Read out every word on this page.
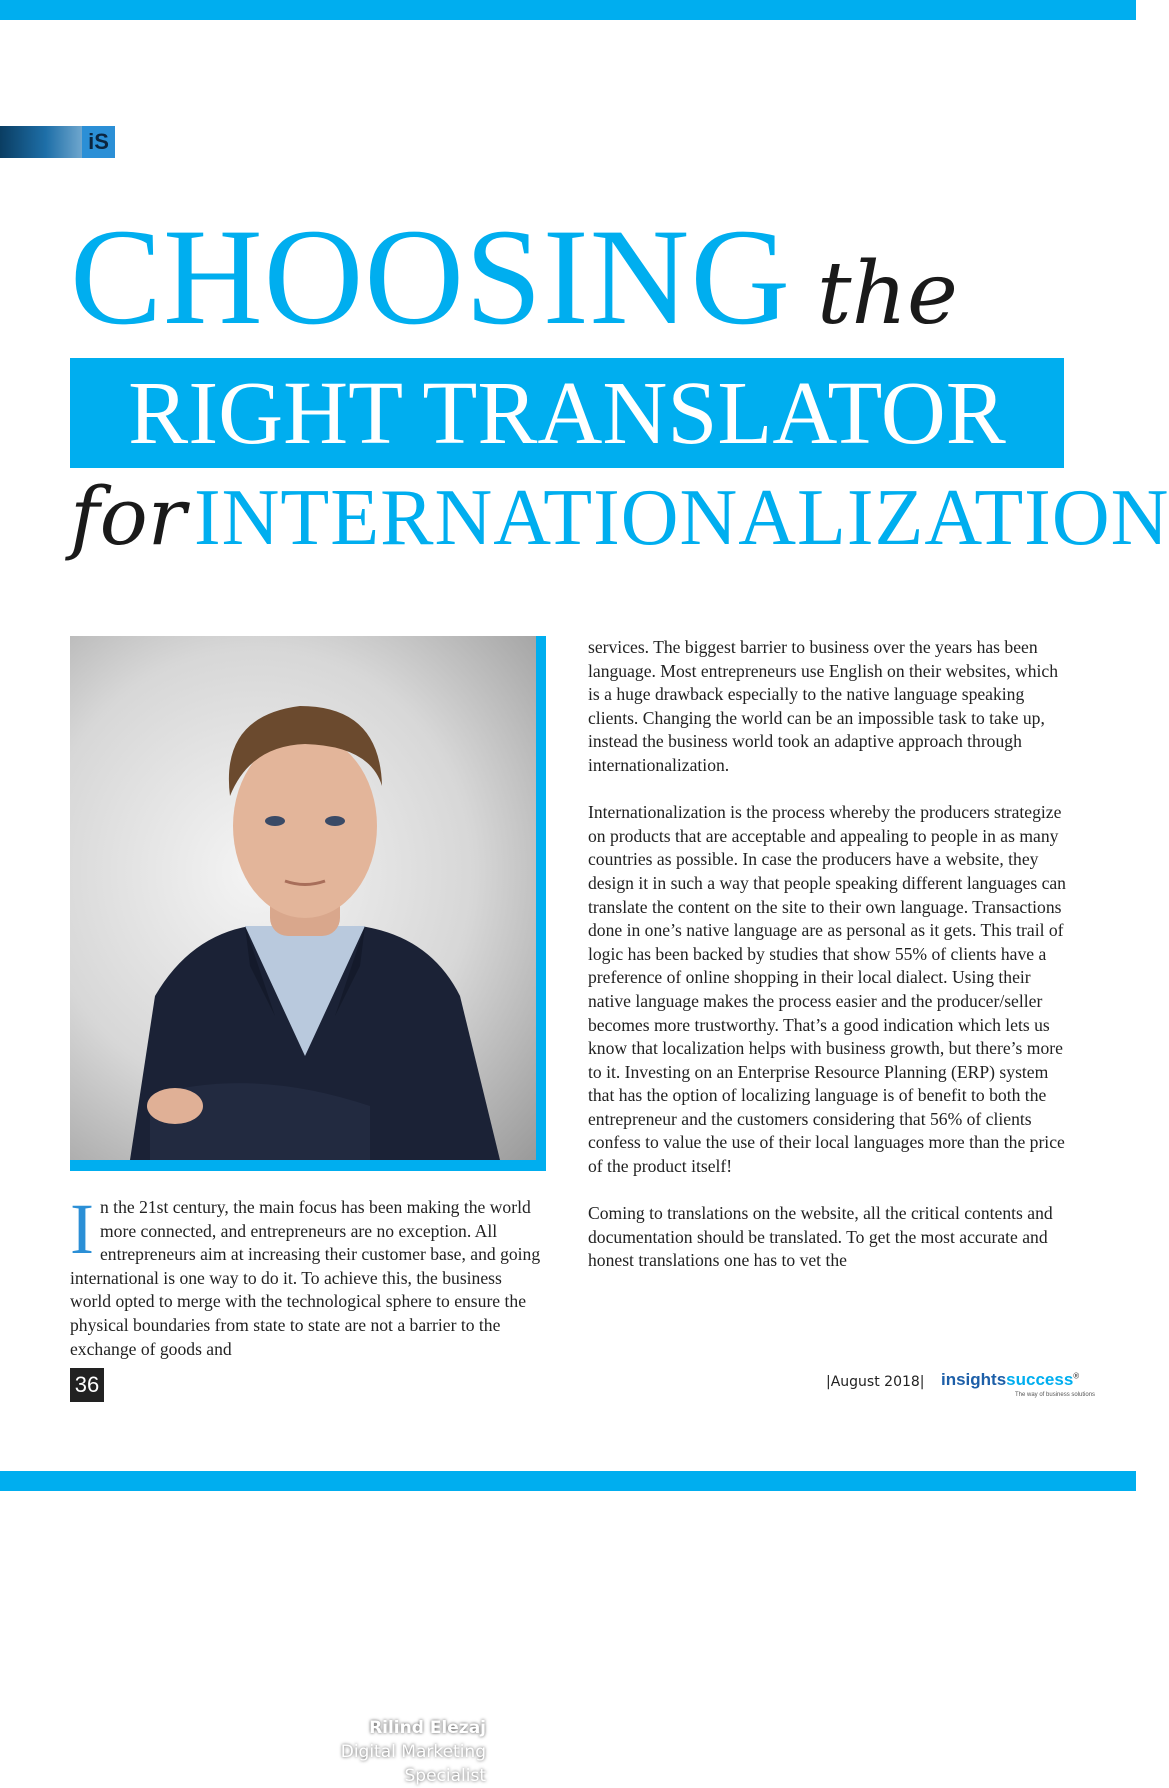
iS
CHOOSING the
RIGHT TRANSLATOR
for INTERNATIONALIZATION
Rilind Elezaj
Digital Marketing
Specialist
In the 21st century, the main focus has been making the world more connected, and entrepreneurs are no exception. All entrepreneurs aim at increasing their customer base, and going international is one way to do it. To achieve this, the business world opted to merge with the technological sphere to ensure the physical boundaries from state to state are not a barrier to the exchange of goods and

services. The biggest barrier to business over the years has been language. Most entrepreneurs use English on their websites, which is a huge drawback especially to the native language speaking clients. Changing the world can be an impossible task to take up, instead the business world took an adaptive approach through internationalization.

Internationalization is the process whereby the producers strategize on products that are acceptable and appealing to people in as many countries as possible. In case the producers have a website, they design it in such a way that people speaking different languages can translate the content on the site to their own language. Transactions done in one’s native language are as personal as it gets. This trail of logic has been backed by studies that show 55% of clients have a preference of online shopping in their local dialect. Using their native language makes the process easier and the producer/seller becomes more trustworthy. That’s a good indication which lets us know that localization helps with business growth, but there’s more to it. Investing on an Enterprise Resource Planning (ERP) system that has the option of localizing language is of benefit to both the entrepreneur and the customers considering that 56% of clients confess to value the use of their local languages more than the price of the product itself!

Coming to translations on the website, all the critical contents and documentation should be translated. To get the most accurate and honest translations one has to vet the

36	|August 2018| insightssuccess®
The way of business solutions
